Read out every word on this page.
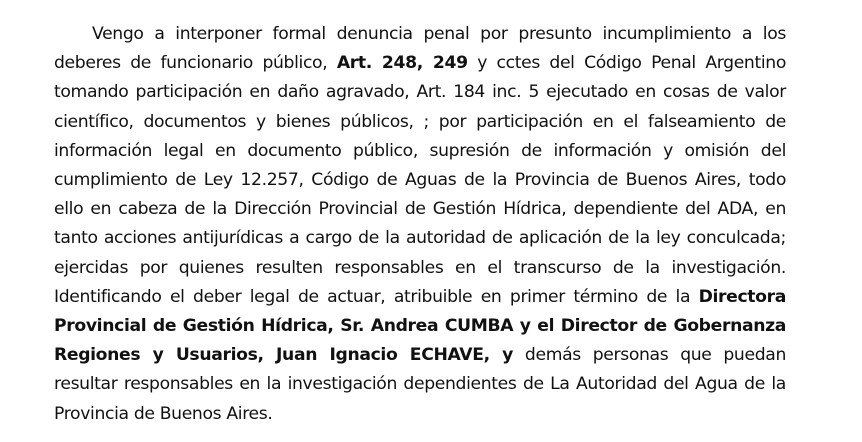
Vengo a interponer formal denuncia penal por presunto incumplimiento a los deberes de funcionario público, Art. 248, 249 y cctes del Código Penal Argentino tomando participación en daño agravado, Art. 184 inc. 5 ejecutado en cosas de valor científico, documentos y bienes públicos, ; por participación en el falseamiento de información legal en documento público, supresión de información y omisión del cumplimiento de Ley 12.257, Código de Aguas de la Provincia de Buenos Aires, todo ello en cabeza de la Dirección Provincial de Gestión Hídrica, dependiente del ADA, en tanto acciones antijurídicas a cargo de la autoridad de aplicación de la ley conculcada; ejercidas por quienes resulten responsables en el transcurso de la investigación. Identificando el deber legal de actuar, atribuible en primer término de la Directora Provincial de Gestión Hídrica, Sr. Andrea CUMBA y el Director de Gobernanza Regiones y Usuarios, Juan Ignacio ECHAVE, y demás personas que puedan resultar responsables en la investigación dependientes de La Autoridad del Agua de la Provincia de Buenos Aires.
